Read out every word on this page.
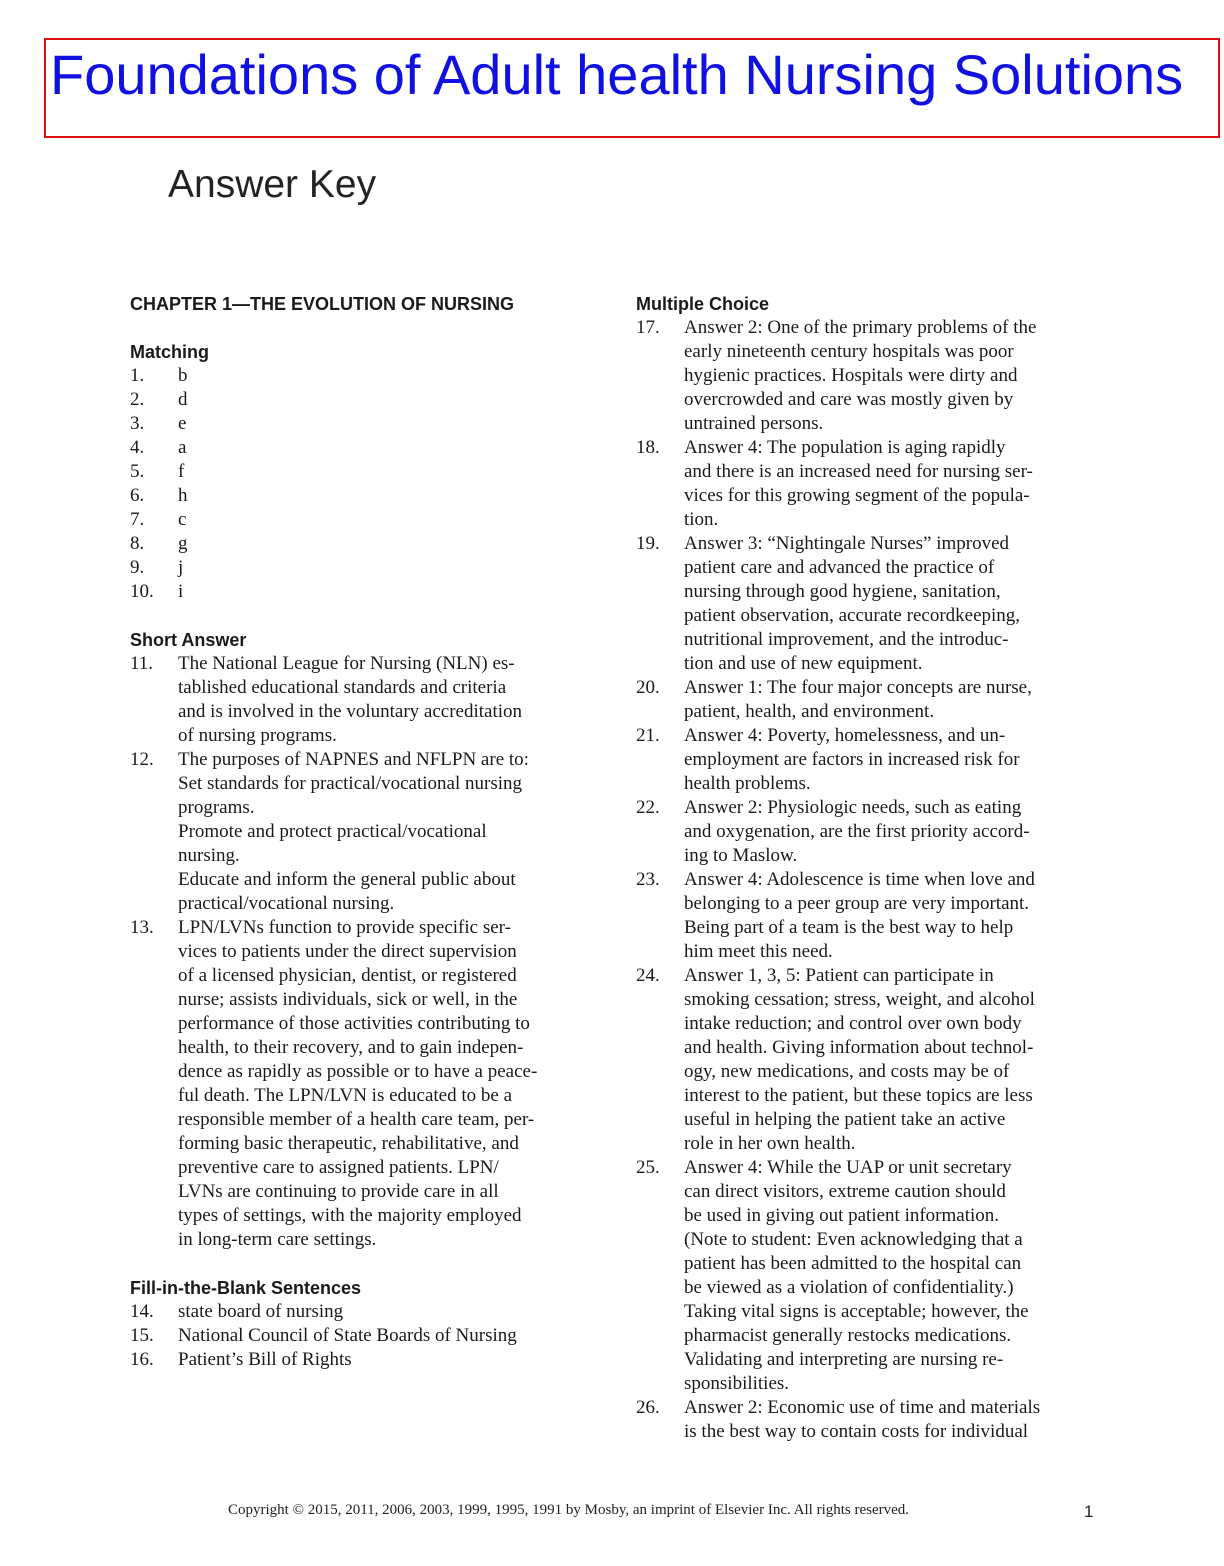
Foundations of Adult health Nursing Solutions
Answer Key
CHAPTER 1—THE EVOLUTION OF NURSING
Matching
1.	b
2.	d
3.	e
4.	a
5.	f
6.	h
7.	c
8.	g
9.	j
10.	i
Short Answer
11.	The National League for Nursing (NLN) es-
tablished educational standards and criteria
and is involved in the voluntary accreditation
of nursing programs.
12.	The purposes of NAPNES and NFLPN are to:
Set standards for practical/vocational nursing
programs.
Promote and protect practical/vocational
nursing.
Educate and inform the general public about
practical/vocational nursing.
13.	LPN/LVNs function to provide specific ser-
vices to patients under the direct supervision
of a licensed physician, dentist, or registered
nurse; assists individuals, sick or well, in the
performance of those activities contributing to
health, to their recovery, and to gain indepen-
dence as rapidly as possible or to have a peace-
ful death. The LPN/LVN is educated to be a
responsible member of a health care team, per-
forming basic therapeutic, rehabilitative, and
preventive care to assigned patients. LPN/
LVNs are continuing to provide care in all
types of settings, with the majority employed
in long-term care settings.
Fill-in-the-Blank Sentences
14.	state board of nursing
15.	National Council of State Boards of Nursing
16.	Patient’s Bill of Rights
Multiple Choice
17.	Answer 2: One of the primary problems of the
early nineteenth century hospitals was poor
hygienic practices. Hospitals were dirty and
overcrowded and care was mostly given by
untrained persons.
18.	Answer 4: The population is aging rapidly
and there is an increased need for nursing ser-
vices for this growing segment of the popula-
tion.
19.	Answer 3: “Nightingale Nurses” improved
patient care and advanced the practice of
nursing through good hygiene, sanitation,
patient observation, accurate recordkeeping,
nutritional improvement, and the introduc-
tion and use of new equipment.
20.	Answer 1: The four major concepts are nurse,
patient, health, and environment.
21.	Answer 4: Poverty, homelessness, and un-
employment are factors in increased risk for
health problems.
22.	Answer 2: Physiologic needs, such as eating
and oxygenation, are the first priority accord-
ing to Maslow.
23.	Answer 4: Adolescence is time when love and
belonging to a peer group are very important.
Being part of a team is the best way to help
him meet this need.
24.	Answer 1, 3, 5: Patient can participate in
smoking cessation; stress, weight, and alcohol
intake reduction; and control over own body
and health. Giving information about technol-
ogy, new medications, and costs may be of
interest to the patient, but these topics are less
useful in helping the patient take an active
role in her own health.
25.	Answer 4: While the UAP or unit secretary
can direct visitors, extreme caution should
be used in giving out patient information.
(Note to student: Even acknowledging that a
patient has been admitted to the hospital can
be viewed as a violation of confidentiality.)
Taking vital signs is acceptable; however, the
pharmacist generally restocks medications.
Validating and interpreting are nursing re-
sponsibilities.
26.	Answer 2: Economic use of time and materials
is the best way to contain costs for individual
Copyright © 2015, 2011, 2006, 2003, 1999, 1995, 1991 by Mosby, an imprint of Elsevier Inc. All rights reserved.	1
